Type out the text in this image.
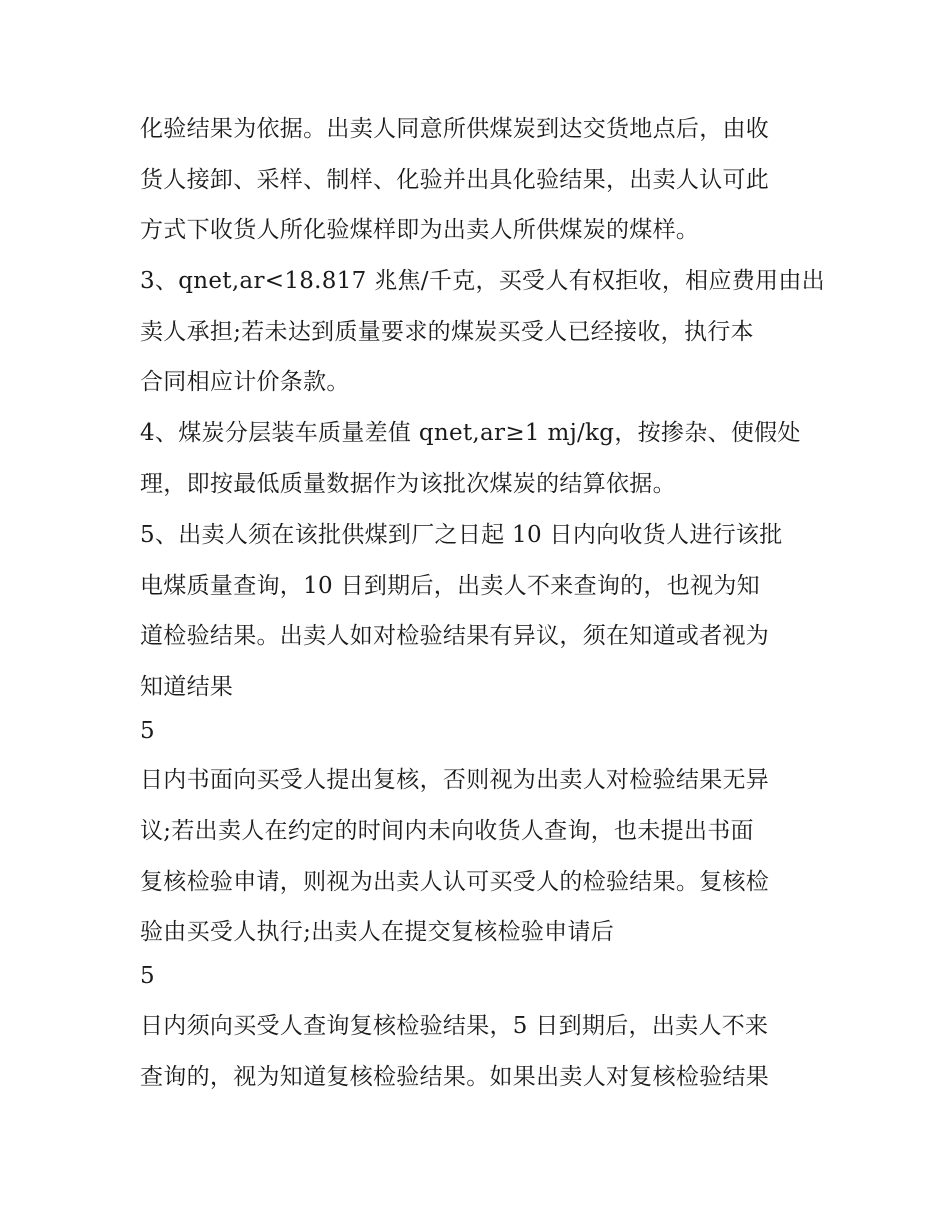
化验结果为依据。出卖人同意所供煤炭到达交货地点后，由收

货人接卸、采样、制样、化验并出具化验结果，出卖人认可此

方式下收货人所化验煤样即为出卖人所供煤炭的煤样。

3、qnet,ar<18.817 兆焦/千克，买受人有权拒收，相应费用由出

卖人承担;若未达到质量要求的煤炭买受人已经接收，执行本

合同相应计价条款。

4、煤炭分层装车质量差值 qnet,ar≥1 mj/kg，按掺杂、使假处

理，即按最低质量数据作为该批次煤炭的结算依据。

5、出卖人须在该批供煤到厂之日起 10 日内向收货人进行该批

电煤质量查询，10 日到期后，出卖人不来查询的，也视为知

道检验结果。出卖人如对检验结果有异议，须在知道或者视为

知道结果

5

日内书面向买受人提出复核，否则视为出卖人对检验结果无异

议;若出卖人在约定的时间内未向收货人查询，也未提出书面

复核检验申请，则视为出卖人认可买受人的检验结果。复核检

验由买受人执行;出卖人在提交复核检验申请后

5

日内须向买受人查询复核检验结果，5 日到期后，出卖人不来

查询的，视为知道复核检验结果。如果出卖人对复核检验结果
